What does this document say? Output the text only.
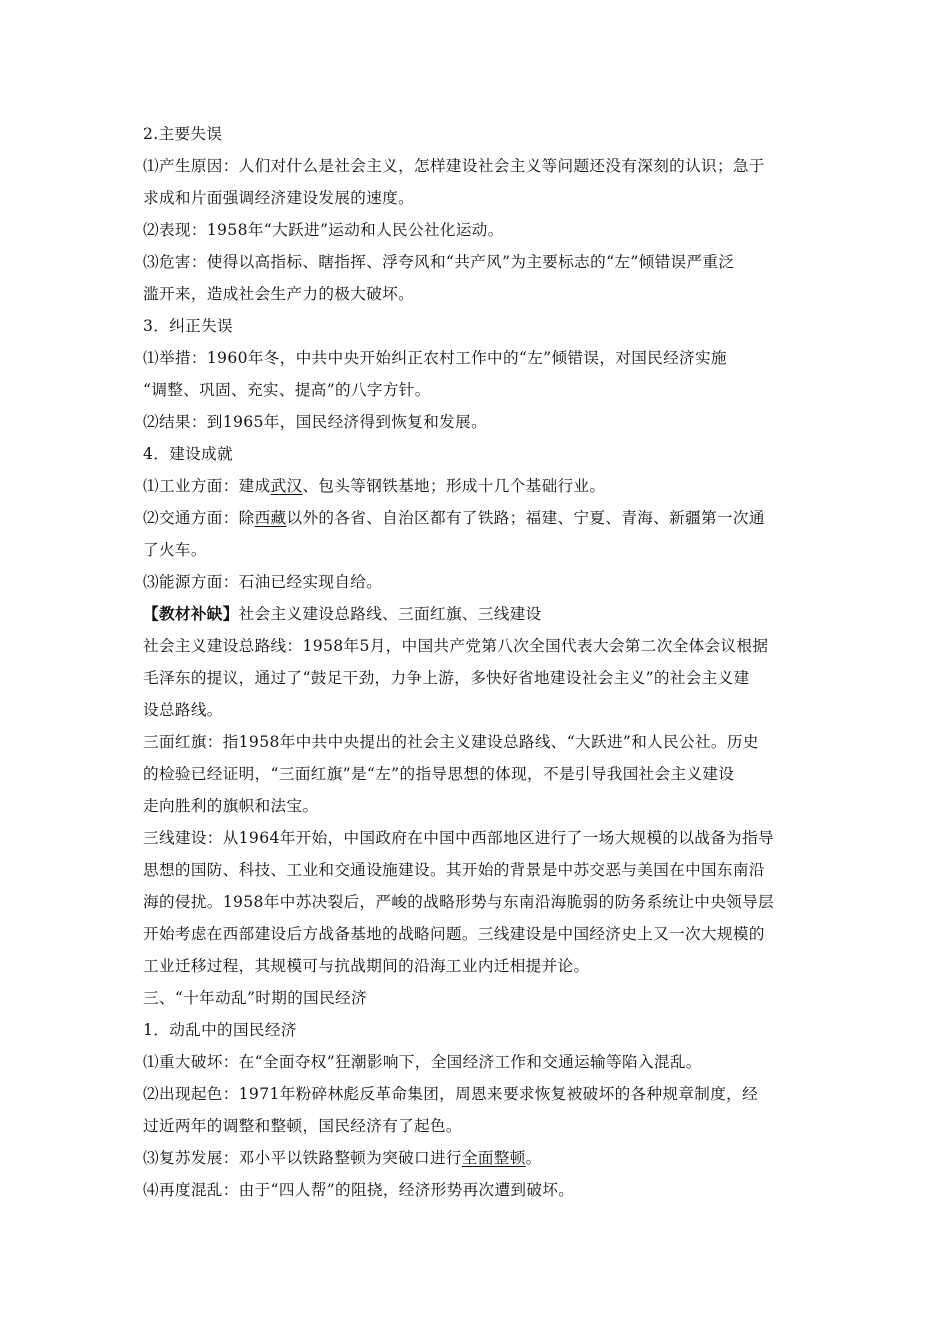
2.主要失误
⑴产生原因：人们对什么是社会主义，怎样建设社会主义等问题还没有深刻的认识；急于
求成和片面强调经济建设发展的速度。
⑵表现：1958年“大跃进”运动和人民公社化运动。
⑶危害：使得以高指标、瞎指挥、浮夸风和“共产风”为主要标志的“左”倾错误严重泛
滥开来，造成社会生产力的极大破坏。
3．纠正失误
⑴举措：1960年冬，中共中央开始纠正农村工作中的“左”倾错误，对国民经济实施
“调整、巩固、充实、提高”的八字方针。
⑵结果：到1965年，国民经济得到恢复和发展。
4．建设成就
⑴工业方面：建成武汉、包头等钢铁基地；形成十几个基础行业。
⑵交通方面：除西藏以外的各省、自治区都有了铁路；福建、宁夏、青海、新疆第一次通
了火车。
⑶能源方面：石油已经实现自给。
【教材补缺】社会主义建设总路线、三面红旗、三线建设
社会主义建设总路线：1958年5月，中国共产党第八次全国代表大会第二次全体会议根据
毛泽东的提议，通过了“鼓足干劲，力争上游，多快好省地建设社会主义”的社会主义建
设总路线。
三面红旗：指1958年中共中央提出的社会主义建设总路线、“大跃进”和人民公社。历史
的检验已经证明，“三面红旗”是“左”的指导思想的体现，不是引导我国社会主义建设
走向胜利的旗帜和法宝。
三线建设：从1964年开始，中国政府在中国中西部地区进行了一场大规模的以战备为指导
思想的国防、科技、工业和交通设施建设。其开始的背景是中苏交恶与美国在中国东南沿
海的侵扰。1958年中苏决裂后，严峻的战略形势与东南沿海脆弱的防务系统让中央领导层
开始考虑在西部建设后方战备基地的战略问题。三线建设是中国经济史上又一次大规模的
工业迁移过程，其规模可与抗战期间的沿海工业内迁相提并论。
三、“十年动乱”时期的国民经济
1．动乱中的国民经济
⑴重大破坏：在“全面夺权”狂潮影响下，全国经济工作和交通运输等陷入混乱。
⑵出现起色：1971年粉碎林彪反革命集团，周恩来要求恢复被破坏的各种规章制度，经
过近两年的调整和整顿，国民经济有了起色。
⑶复苏发展：邓小平以铁路整顿为突破口进行全面整顿。
⑷再度混乱：由于“四人帮”的阻挠，经济形势再次遭到破坏。
